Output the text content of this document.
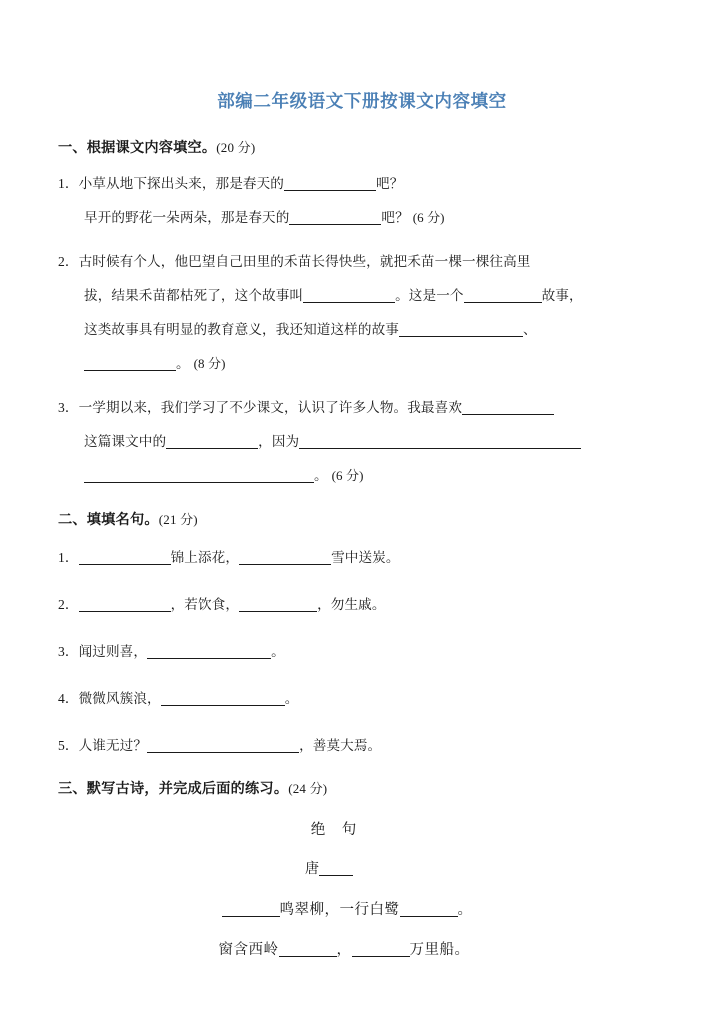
部编二年级语文下册按课文内容填空
一、根据课文内容填空。(20 分)
1．小草从地下探出头来，那是春天的	吧？
早开的野花一朵两朵，那是春天的	吧？ (6 分)
2．古时候有个人，他巴望自己田里的禾苗长得快些，就把禾苗一棵一棵往高里
拔，结果禾苗都枯死了，这个故事叫	。这是一个	故事，
这类故事具有明显的教育意义，我还知道这样的故事	、
。 (8 分)
3．一学期以来，我们学习了不少课文，认识了许多人物。我最喜欢
这篇课文中的	，因为
。 (6 分)
二、填填名句。(21 分)
1．	锦上添花，	雪中送炭。
2．	，若饮食，	，勿生戚。
3．闻过则喜，	。
4．微微风簇浪，	。
5．人谁无过？	，善莫大焉。
三、默写古诗，并完成后面的练习。(24 分)
绝　句
唐
鸣翠柳，一行白鹭	。
窗含西岭	，	万里船。
